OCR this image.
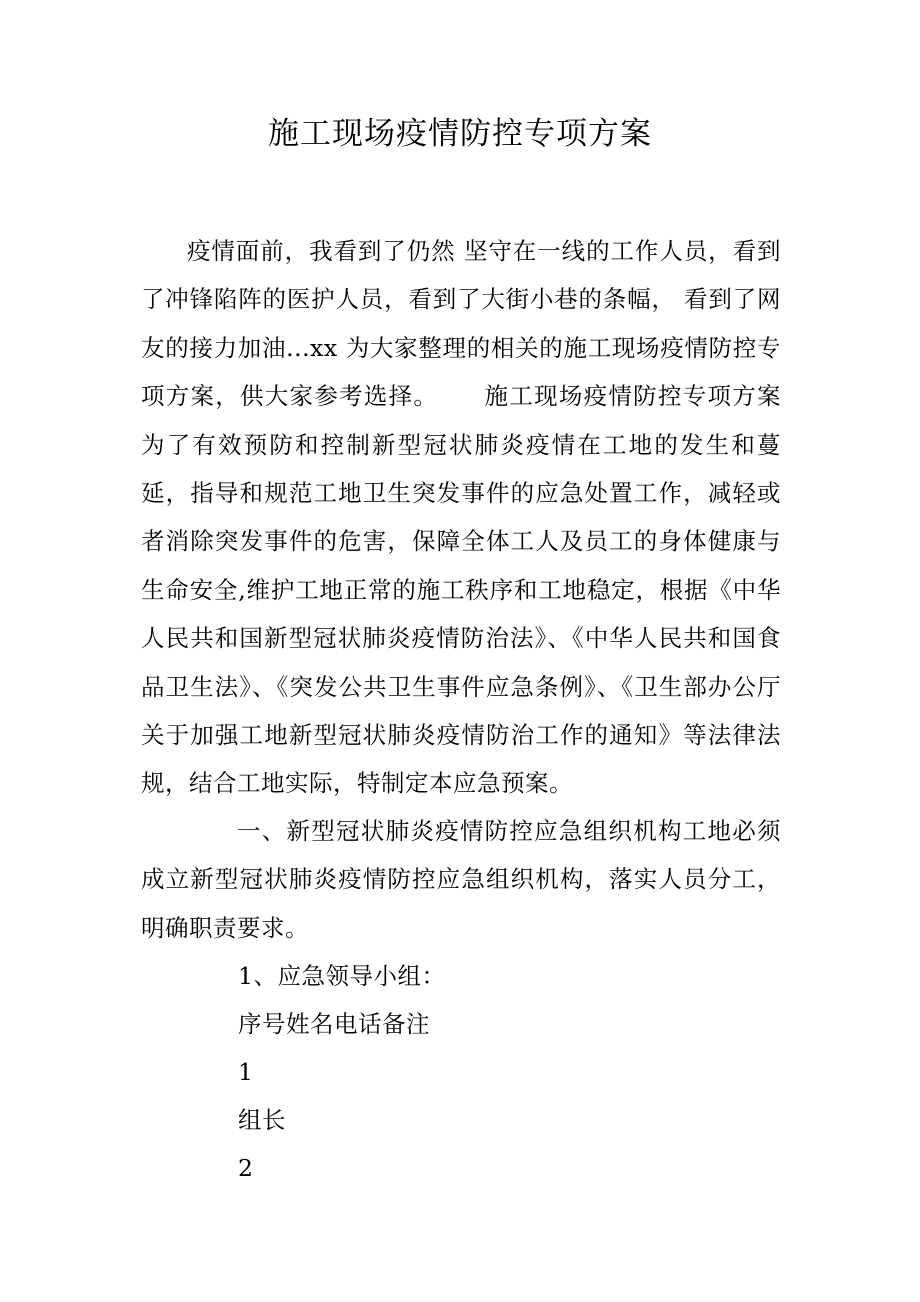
施工现场疫情防控专项方案

疫情面前，我看到了仍然 坚守在一线的工作人员，看到了冲锋陷阵的医护人员，看到了大街小巷的条幅， 看到了网友的接力加油...xx 为大家整理的相关的施工现场疫情防控专项方案，供大家参考选择。　　 施工现场疫情防控专项方案　　 为了有效预防和控制新型冠状肺炎疫情在工地的发生和蔓延，指导和规范工地卫生突发事件的应急处置工作，减轻或者消除突发事件的危害，保障全体工人及员工的身体健康与生命安全,维护工地正常的施工秩序和工地稳定，根据《中华人民共和国新型冠状肺炎疫情防治法》、《中华人民共和国食品卫生法》、《突发公共卫生事件应急条例》、《卫生部办公厅关于加强工地新型冠状肺炎疫情防治工作的通知》等法律法规，结合工地实际，特制定本应急预案。

一、新型冠状肺炎疫情防控应急组织机构工地必须成立新型冠状肺炎疫情防控应急组织机构，落实人员分工，明确职责要求。

1、应急领导小组：

序号姓名电话备注

1

组长

2
